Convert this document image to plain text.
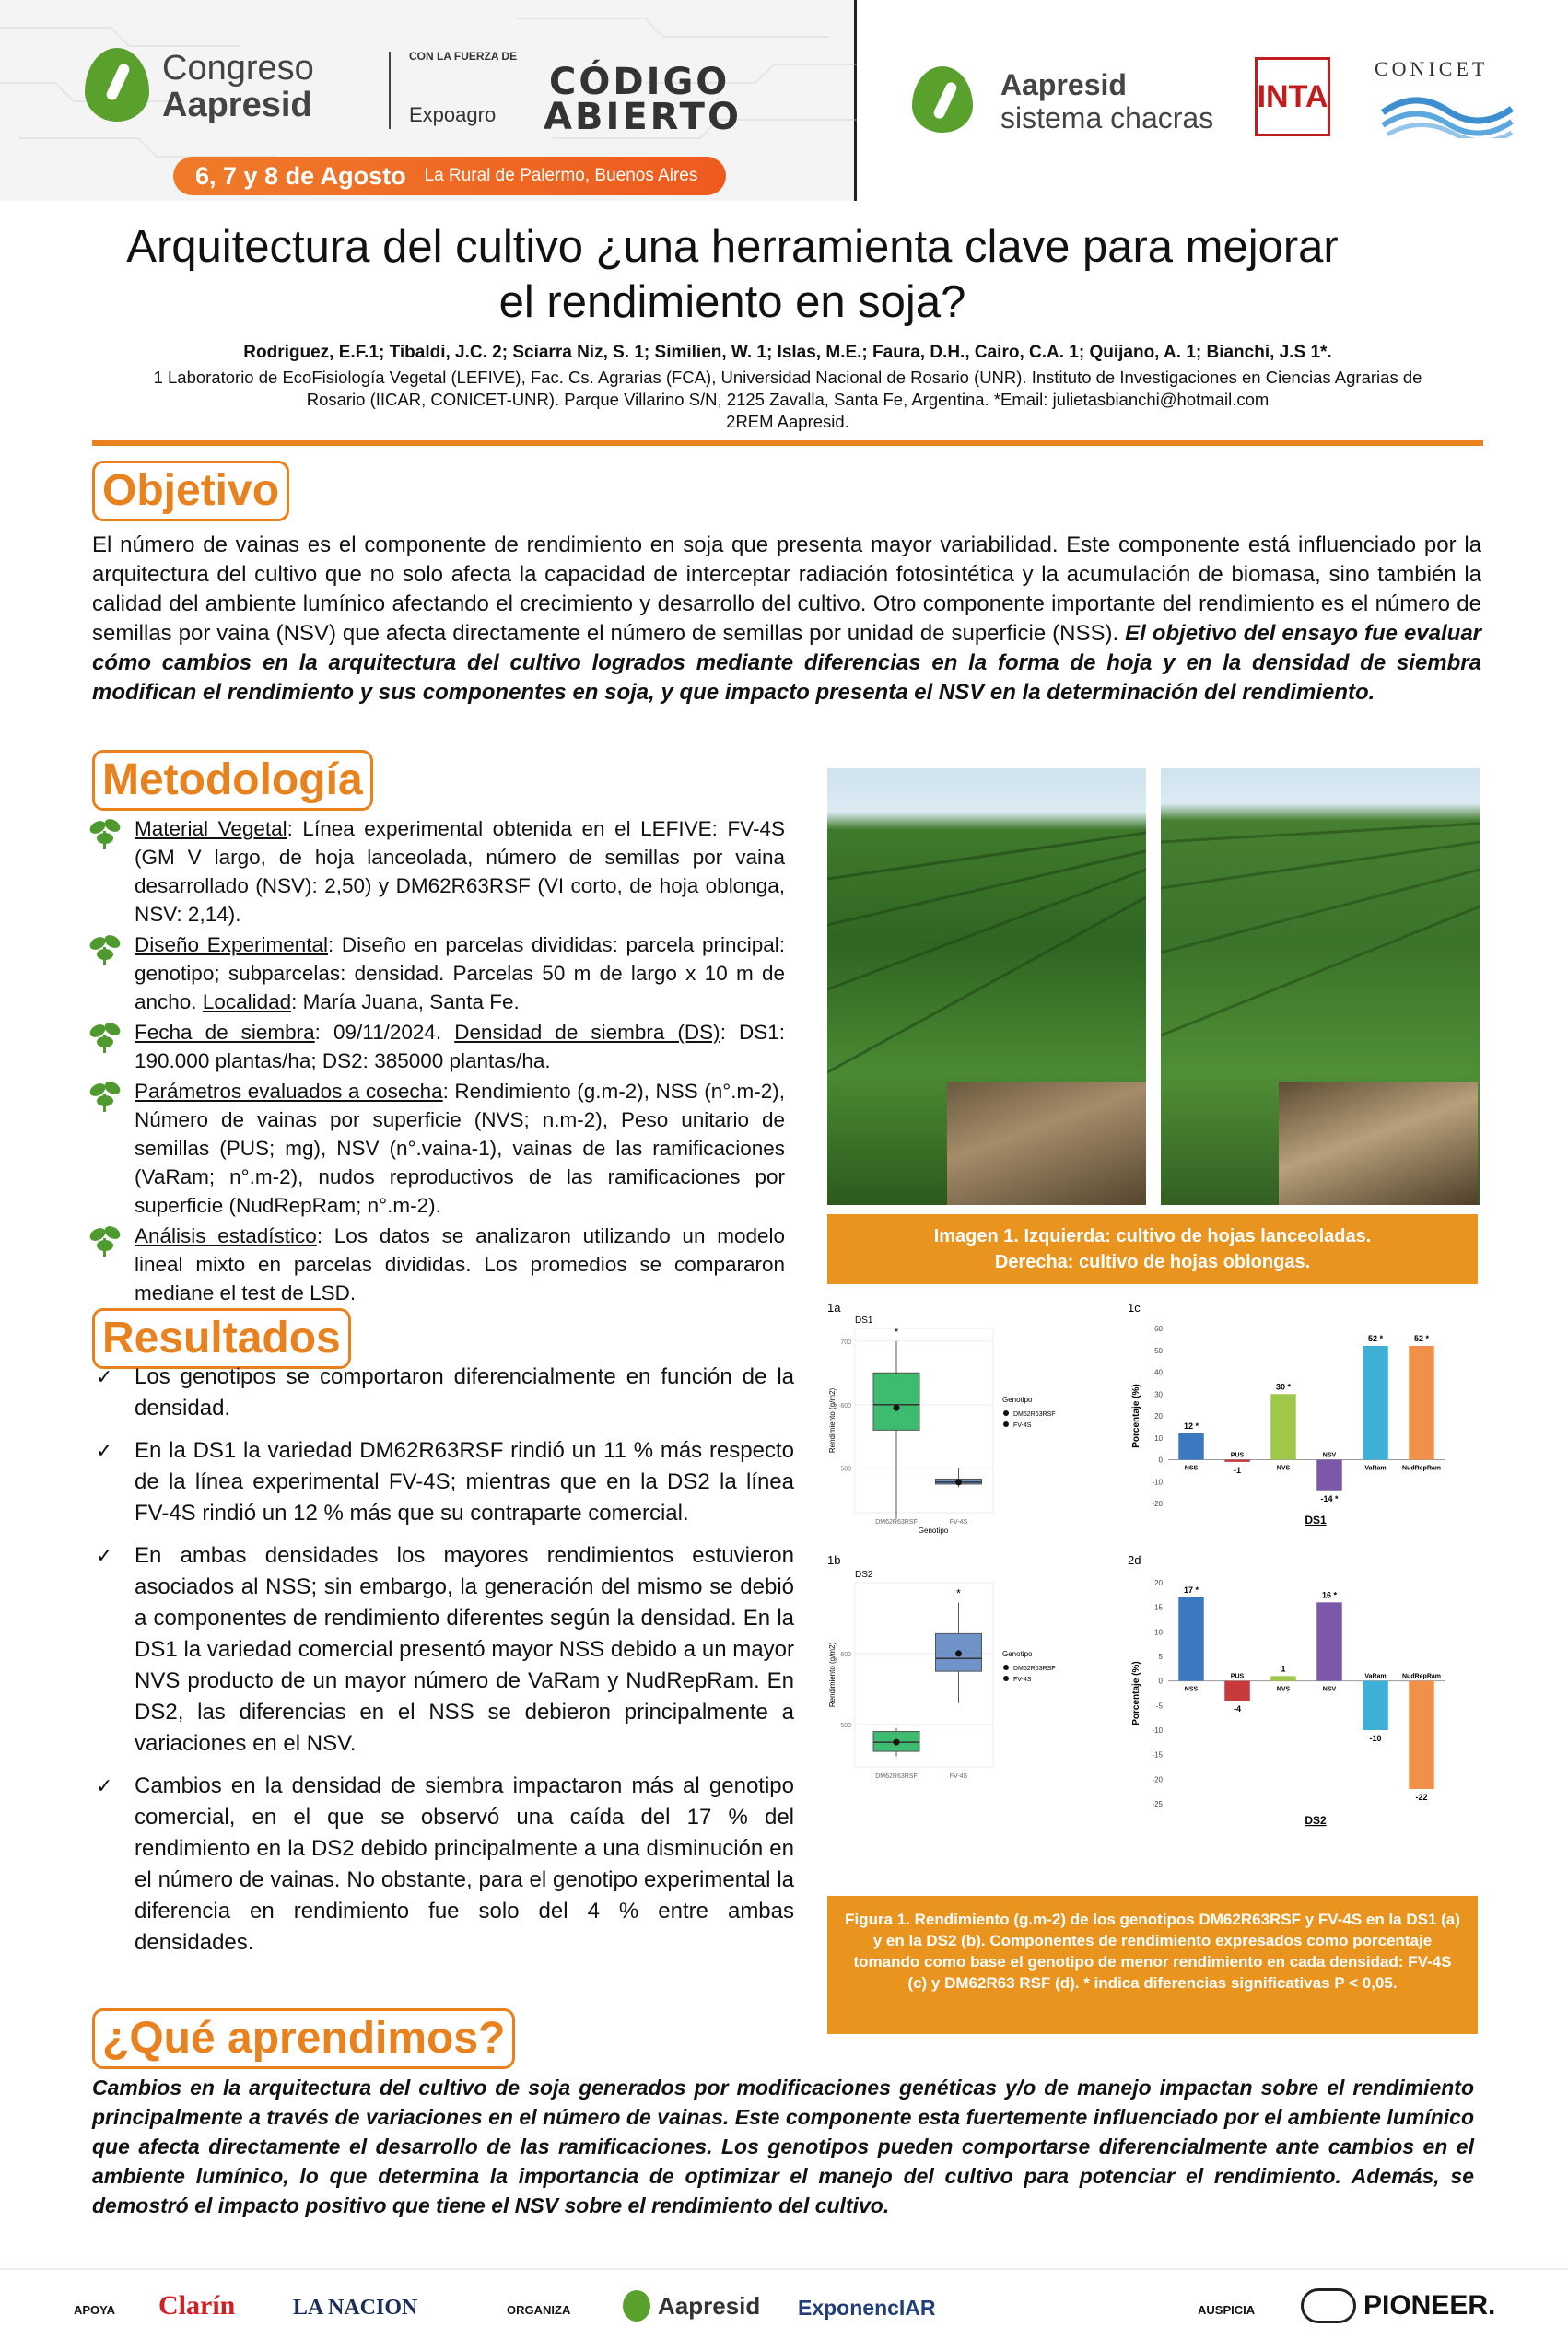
Congreso
Aapresid
CON LA FUERZA DE
Expoagro
CÓDIGO
ABIERTO
6, 7 y 8 de Agosto La Rural de Palermo, Buenos Aires
Aapresid
sistema chacras
INTA
CONICET
Arquitectura del cultivo ¿una herramienta clave para mejorar
el rendimiento en soja?
Rodriguez, E.F.1; Tibaldi, J.C. 2; Sciarra Niz, S. 1; Similien, W. 1; Islas, M.E.; Faura, D.H., Cairo, C.A. 1; Quijano, A. 1; Bianchi, J.S 1*.
1 Laboratorio de EcoFisiología Vegetal (LEFIVE), Fac. Cs. Agrarias (FCA), Universidad Nacional de Rosario (UNR). Instituto de Investigaciones en Ciencias Agrarias de
Rosario (IICAR, CONICET-UNR). Parque Villarino S/N, 2125 Zavalla, Santa Fe, Argentina. *Email: julietasbianchi@hotmail.com
2REM Aapresid.
Objetivo
El número de vainas es el componente de rendimiento en soja que presenta mayor variabilidad. Este componente está influenciado por la arquitectura del cultivo que no solo afecta la capacidad de interceptar radiación fotosintética y la acumulación de biomasa, sino también la calidad del ambiente lumínico afectando el crecimiento y desarrollo del cultivo. Otro componente importante del rendimiento es el número de semillas por vaina (NSV) que afecta directamente el número de semillas por unidad de superficie (NSS). El objetivo del ensayo fue evaluar cómo cambios en la arquitectura del cultivo logrados mediante diferencias en la forma de hoja y en la densidad de siembra modifican el rendimiento y sus componentes en soja, y que impacto presenta el NSV en la determinación del rendimiento.
Metodología
Material Vegetal: Línea experimental obtenida en el LEFIVE: FV-4S (GM V largo, de hoja lanceolada, número de semillas por vaina desarrollado (NSV): 2,50) y DM62R63RSF (VI corto, de hoja oblonga, NSV: 2,14).
Diseño Experimental: Diseño en parcelas divididas: parcela principal: genotipo; subparcelas: densidad. Parcelas 50 m de largo x 10 m de ancho. Localidad: María Juana, Santa Fe.
Fecha de siembra: 09/11/2024. Densidad de siembra (DS): DS1: 190.000 plantas/ha; DS2: 385000 plantas/ha.
Parámetros evaluados a cosecha: Rendimiento (g.m-2), NSS (n°.m-2), Número de vainas por superficie (NVS; n.m-2), Peso unitario de semillas (PUS; mg), NSV (n°.vaina-1), vainas de las ramificaciones (VaRam; n°.m-2), nudos reproductivos de las ramificaciones por superficie (NudRepRam; n°.m-2).
Análisis estadístico: Los datos se analizaron utilizando un modelo lineal mixto en parcelas divididas. Los promedios se compararon mediane el test de LSD.
Imagen 1. Izquierda: cultivo de hojas lanceoladas.
Derecha: cultivo de hojas oblongas.
Resultados
✓ Los genotipos se comportaron diferencialmente en función de la densidad.
✓ En la DS1 la variedad DM62R63RSF rindió un 11 % más respecto de la línea experimental FV-4S; mientras que en la DS2 la línea FV-4S rindió un 12 % más que su contraparte comercial.
✓ En ambas densidades los mayores rendimientos estuvieron asociados al NSS; sin embargo, la generación del mismo se debió a componentes de rendimiento diferentes según la densidad. En la DS1 la variedad comercial presentó mayor NSS debido a un mayor NVS producto de un mayor número de VaRam y NudRepRam. En DS2, las diferencias en el NSS se debieron principalmente a variaciones en el NSV.
✓ Cambios en la densidad de siembra impactaron más al genotipo comercial, en el que se observó una caída del 17 % del rendimiento en la DS2 debido principalmente a una disminución en el número de vainas. No obstante, para el genotipo experimental la diferencia en rendimiento fue solo del 4 % entre ambas densidades.
1a
1b
1c
2d
DS1
500
600
700
Rendimiento (g/m2)
DM62R63RSF	FV-4S
*
Genotipo
Genotipo
DM62R63RSF
FV-4S
DS2
500
600
Rendimiento (g/m2)
DM62R63RSF	FV-4S
*
Genotipo
DM62R63RSF
FV-4S
-20
-10
0
10
20
30
40
50
60
Porcentaje (%)	12 *
NSS	-1
PUS
30 *
NVS
-14 *
NSV
52 *
VaRam
52 *
NudRepRam
DS1
-25
-20
-15
-10
-5
0
5
10
15
20
Porcentaje (%)
17 *
NSS
-4
PUS
1
NVS
16 *
NSV
-10
VaRam
-22
NudRepRam
DS2
Figura 1. Rendimiento (g.m-2) de los genotipos DM62R63RSF y FV-4S en la DS1 (a) y en la DS2 (b). Componentes de rendimiento expresados como porcentaje tomando como base el genotipo de menor rendimiento en cada densidad: FV-4S (c) y DM62R63 RSF (d). * indica diferencias significativas P < 0,05.
¿Qué aprendimos?
Cambios en la arquitectura del cultivo de soja generados por modificaciones genéticas y/o de manejo impactan sobre el rendimiento principalmente a través de variaciones en el número de vainas. Este componente esta fuertemente influenciado por el ambiente lumínico que afecta directamente el desarrollo de las ramificaciones. Los genotipos pueden comportarse diferencialmente ante cambios en el ambiente lumínico, lo que determina la importancia de optimizar el manejo del cultivo para potenciar el rendimiento. Además, se demostró el impacto positivo que tiene el NSV sobre el rendimiento del cultivo.
APOYA Clarín	LA NACION	ORGANIZA	Aapresid ExponencIAR	AUSPICIA	PIONEER.
